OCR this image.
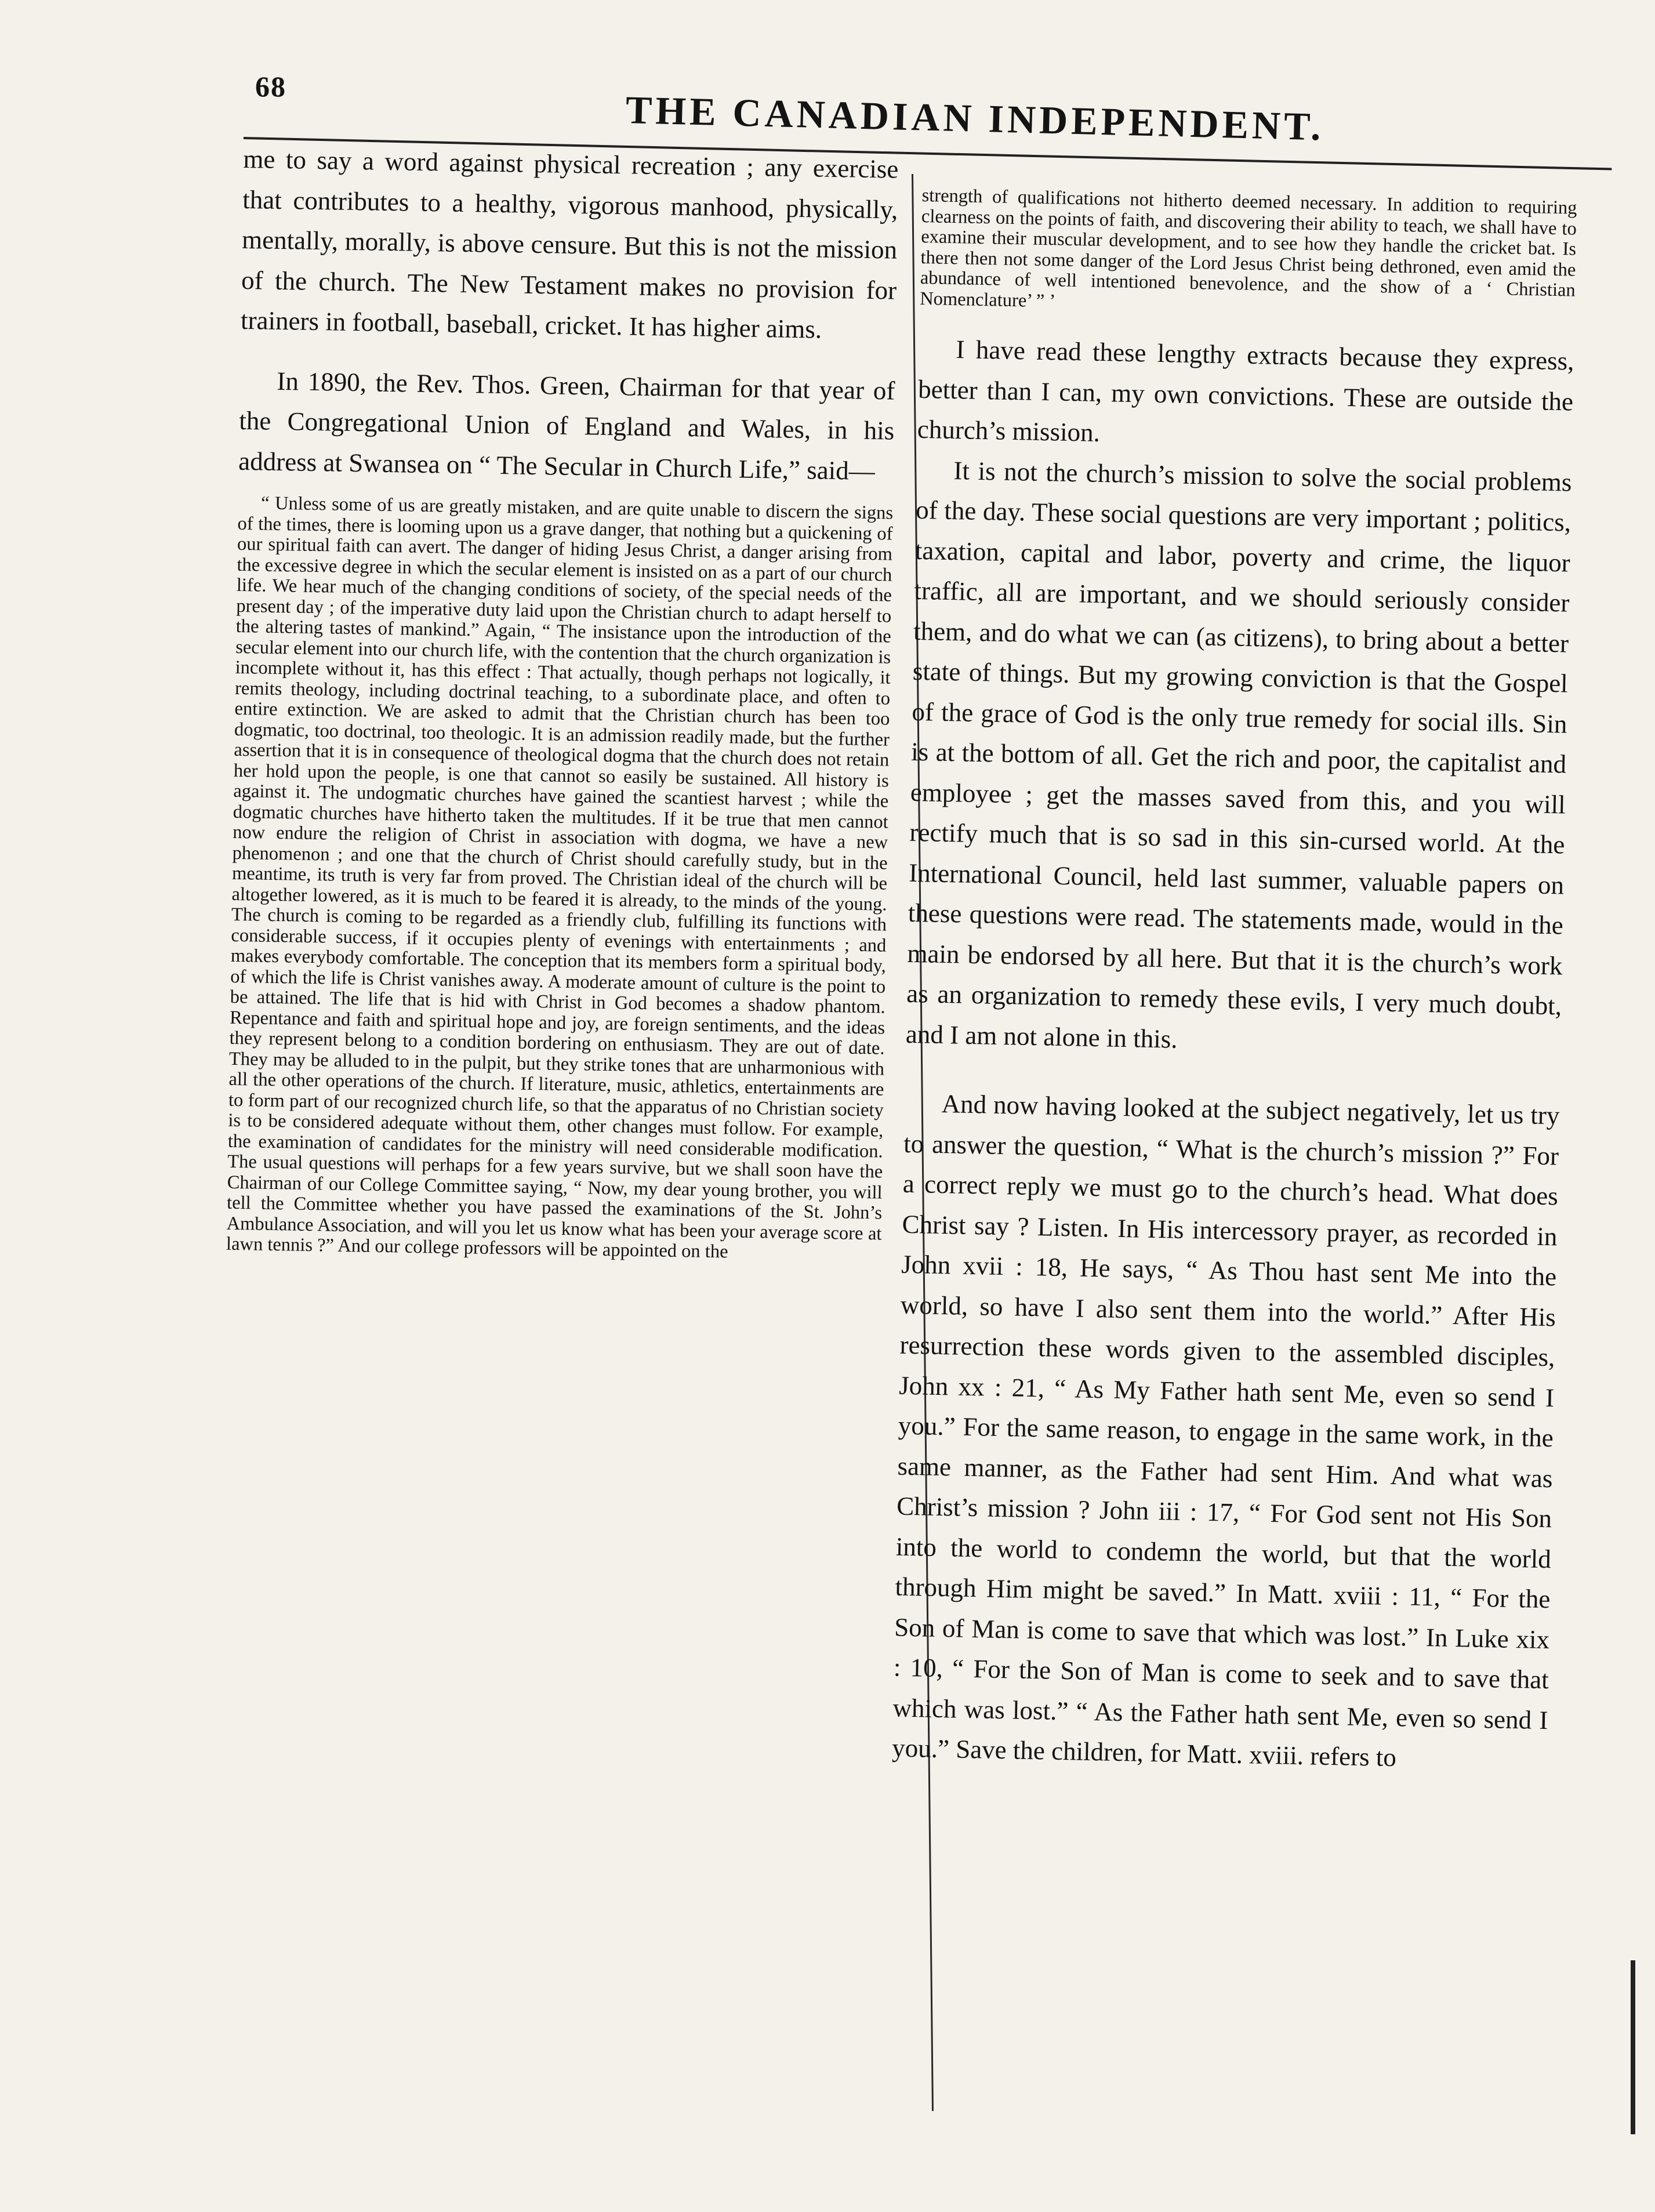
68
THE CANADIAN INDEPENDENT.

me to say a word against physical recreation ; any exercise that contributes to a healthy, vigorous manhood, physically, mentally, morally, is above censure. But this is not the mission of the church. The New Testament makes no provision for trainers in football, baseball, cricket. It has higher aims.

In 1890, the Rev. Thos. Green, Chairman for that year of the Congregational Union of England and Wales, in his address at Swansea on “ The Secular in Church Life,” said—

“ Unless some of us are greatly mistaken, and are quite unable to discern the signs of the times, there is looming upon us a grave danger, that nothing but a quickening of our spiritual faith can avert. The danger of hiding Jesus Christ, a danger arising from the excessive degree in which the secular element is insisted on as a part of our church life. We hear much of the changing conditions of society, of the special needs of the present day ; of the imperative duty laid upon the Christian church to adapt herself to the altering tastes of mankind.” Again, “ The insistance upon the introduction of the secular element into our church life, with the contention that the church organization is incomplete without it, has this effect : That actually, though perhaps not logically, it remits theology, including doctrinal teaching, to a subordinate place, and often to entire extinction. We are asked to admit that the Christian church has been too dogmatic, too doctrinal, too theologic. It is an admission readily made, but the further assertion that it is in consequence of theological dogma that the church does not retain her hold upon the people, is one that cannot so easily be sustained. All history is against it. The undogmatic churches have gained the scantiest harvest ; while the dogmatic churches have hitherto taken the multitudes. If it be true that men cannot now endure the religion of Christ in association with dogma, we have a new phenomenon ; and one that the church of Christ should carefully study, but in the meantime, its truth is very far from proved. The Christian ideal of the church will be altogether lowered, as it is much to be feared it is already, to the minds of the young. The church is coming to be regarded as a friendly club, fulfilling its functions with considerable success, if it occupies plenty of evenings with entertainments ; and makes everybody comfortable. The conception that its members form a spiritual body, of which the life is Christ vanishes away. A moderate amount of culture is the point to be attained. The life that is hid with Christ in God becomes a shadow phantom. Repentance and faith and spiritual hope and joy, are foreign sentiments, and the ideas they represent belong to a condition bordering on enthusiasm. They are out of date. They may be alluded to in the pulpit, but they strike tones that are unharmonious with all the other operations of the church. If literature, music, athletics, entertainments are to form part of our recognized church life, so that the apparatus of no Christian society is to be considered adequate without them, other changes must follow. For example, the examination of candidates for the ministry will need considerable modification. The usual questions will perhaps for a few years survive, but we shall soon have the Chairman of our College Committee saying, “ Now, my dear young brother, you will tell the Committee whether you have passed the examinations of the St. John’s Ambulance Association, and will you let us know what has been your average score at lawn tennis ?” And our college professors will be appointed on the

strength of qualifications not hitherto deemed necessary. In addition to requiring clearness on the points of faith, and discovering their ability to teach, we shall have to examine their muscular development, and to see how they handle the cricket bat. Is there then not some danger of the Lord Jesus Christ being dethroned, even amid the abundance of well intentioned benevolence, and the show of a ‘ Christian Nomenclature’ ” ’

I have read these lengthy extracts because they express, better than I can, my own convictions. These are outside the church’s mission.

It is not the church’s mission to solve the social problems of the day. These social questions are very important ; politics, taxation, capital and labor, poverty and crime, the liquor traffic, all are important, and we should seriously consider them, and do what we can (as citizens), to bring about a better state of things. But my growing conviction is that the Gospel of the grace of God is the only true remedy for social ills. Sin is at the bottom of all. Get the rich and poor, the capitalist and employee ; get the masses saved from this, and you will rectify much that is so sad in this sin-cursed world. At the International Council, held last summer, valuable papers on these questions were read. The statements made, would in the main be endorsed by all here. But that it is the church’s work as an organization to remedy these evils, I very much doubt, and I am not alone in this.

And now having looked at the subject negatively, let us try to answer the question, “ What is the church’s mission ?” For a correct reply we must go to the church’s head. What does Christ say ? Listen. In His intercessory prayer, as recorded in John xvii : 18, He says, “ As Thou hast sent Me into the world, so have I also sent them into the world.” After His resurrection these words given to the assembled disciples, John xx : 21, “ As My Father hath sent Me, even so send I you.” For the same reason, to engage in the same work, in the same manner, as the Father had sent Him. And what was Christ’s mission ? John iii : 17, “ For God sent not His Son into the world to condemn the world, but that the world through Him might be saved.” In Matt. xviii : 11, “ For the Son of Man is come to save that which was lost.” In Luke xix : 10, “ For the Son of Man is come to seek and to save that which was lost.” “ As the Father hath sent Me, even so send I you.” Save the children, for Matt. xviii. refers to
